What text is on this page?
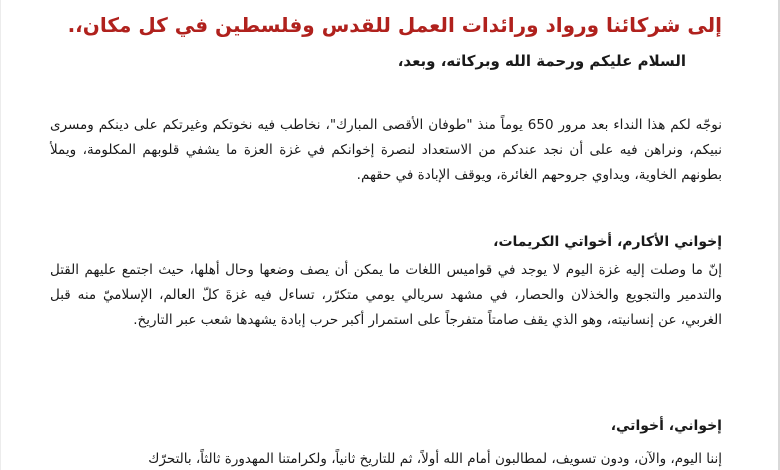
إلى شركائنا ورواد ورائدات العمل للقدس وفلسطين في كل مكان،.

السلام عليكم ورحمة الله وبركاته، وبعد،

نوجّه لكم هذا النداء بعد مرور 650 يوماً منذ "طوفان الأقصى المبارك"، نخاطب فيه نخوتكم وغيرتكم على دينكم ومسرى نبيكم، ونراهن فيه على أن نجد عندكم من الاستعداد لنصرة إخوانكم في غزة العزة ما يشفي قلوبهم المكلومة، ويملأ بطونهم الخاوية، ويداوي جروحهم الغائرة، ويوقف الإبادة في حقهم.

إخواني الأكارم، أخواتي الكريمات،

إنّ ما وصلت إليه غزة اليوم لا يوجد في قواميس اللغات ما يمكن أن يصف وضعها وحال أهلها، حيث اجتمع عليهم القتل والتدمير والتجويع والخذلان والحصار، في مشهد سريالي يومي متكرّر، تساءل فيه غزةَ كلّ العالم، الإسلاميّ منه قبل الغربي، عن إنسانيته، وهو الذي يقف صامتاً متفرجاً على استمرار أكبر حرب إبادة يشهدها شعب عبر التاريخ.

إخواني، أخواتي،

إننا اليوم، والآن، ودون تسويف، لمطالبون أمام الله أولاً، ثم للتاريخ ثانياً، ولكرامتنا المهدورة ثالثاً، بالتحرّك
